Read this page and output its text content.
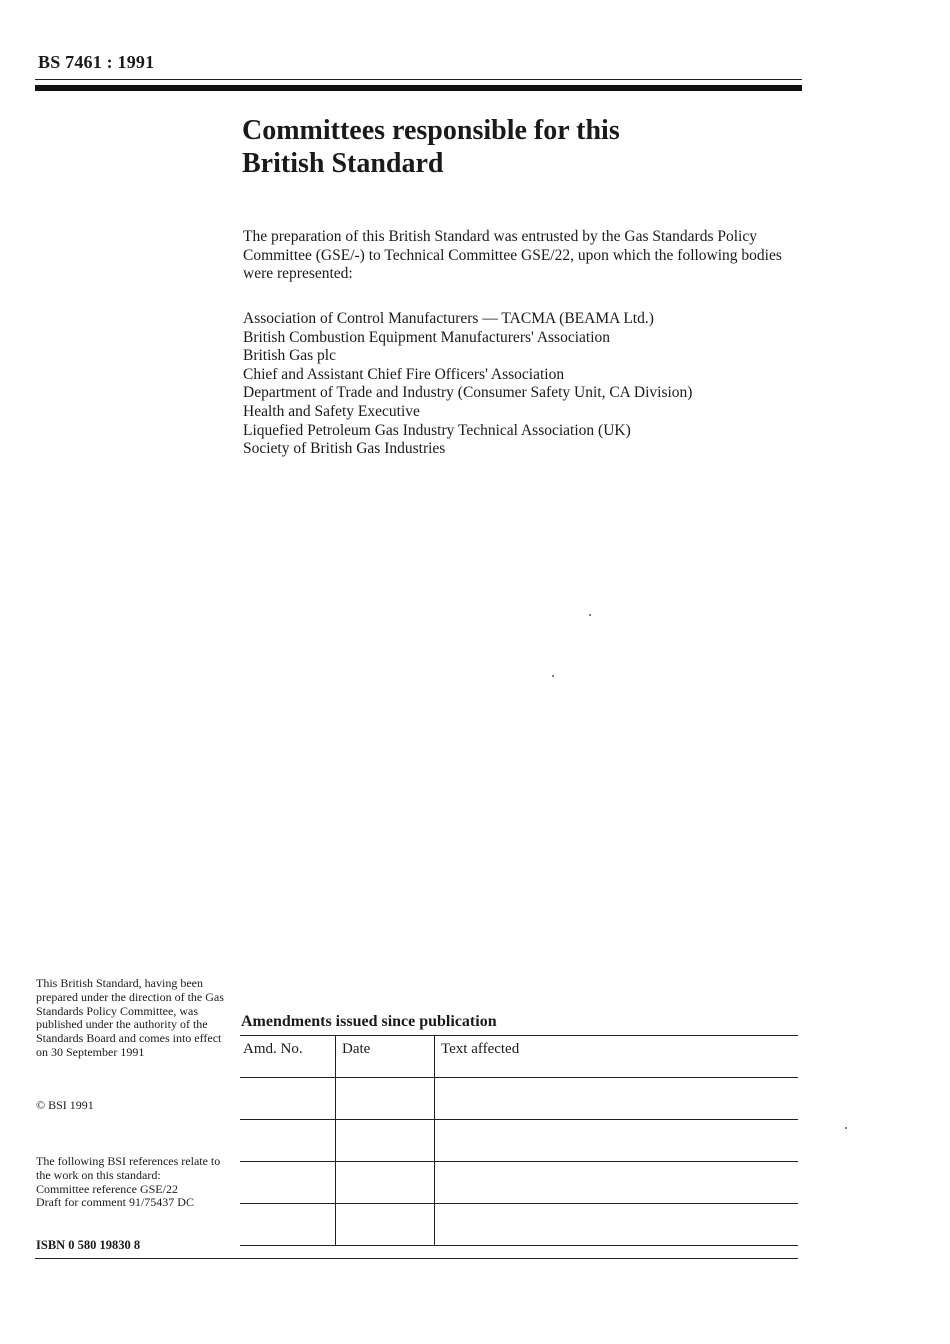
BS 7461 : 1991
Committees responsible for this
British Standard

The preparation of this British Standard was entrusted by the Gas Standards Policy Committee (GSE/-) to Technical Committee GSE/22, upon which the following bodies were represented:

Association of Control Manufacturers — TACMA (BEAMA Ltd.)
British Combustion Equipment Manufacturers' Association
British Gas plc
Chief and Assistant Chief Fire Officers' Association
Department of Trade and Industry (Consumer Safety Unit, CA Division)
Health and Safety Executive
Liquefied Petroleum Gas Industry Technical Association (UK)
Society of British Gas Industries

This British Standard, having been prepared under the direction of the Gas Standards Policy Committee, was published under the authority of the Standards Board and comes into effect on 30 September 1991

© BSI 1991

The following BSI references relate to the work on this standard:
Committee reference GSE/22
Draft for comment 91/75437 DC
ISBN 0 580 19830 8
Amendments issued since publication
Amd. No.	Date	Text affected
